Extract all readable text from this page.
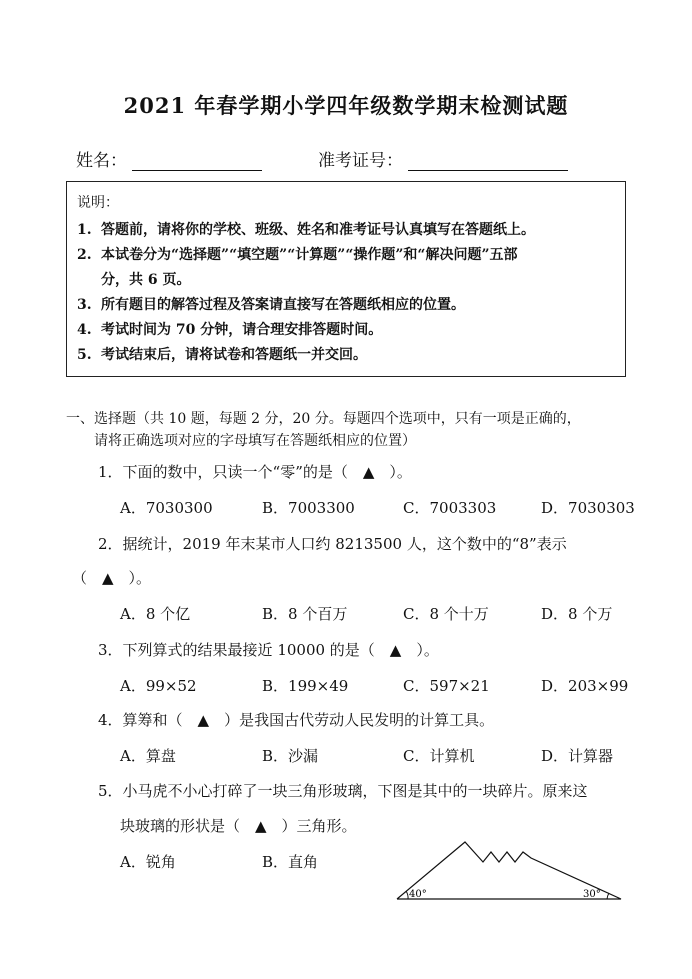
2021 年春学期小学四年级数学期末检测试题
姓名：	准考证号：
说明：
1. 答题前，请将你的学校、班级、姓名和准考证号认真填写在答题纸上。
2. 本试卷分为“选择题”“填空题”“计算题”“操作题”和“解决问题”五部
分，共 6 页。
3. 所有题目的解答过程及答案请直接写在答题纸相应的位置。
4. 考试时间为 70 分钟，请合理安排答题时间。
5. 考试结束后，请将试卷和答题纸一并交回。
一、选择题（共 10 题，每题 2 分，20 分。每题四个选项中，只有一项是正确的，
请将正确选项对应的字母填写在答题纸相应的位置）
1．下面的数中，只读一个“零”的是（　▲　）。
A．7030300	B．7003300	C．7003303	D．7030303
2．据统计，2019 年末某市人口约 8213500 人，这个数中的“8”表示
（　▲　）。
A．8 个亿	B．8 个百万	C．8 个十万	D．8 个万
3．下列算式的结果最接近 10000 的是（　▲　）。
A．99×52	B．199×49	C．597×21	D．203×99
4．算筹和（　▲　）是我国古代劳动人民发明的计算工具。
A．算盘	B．沙漏	C．计算机	D．计算器
5．小马虎不小心打碎了一块三角形玻璃，下图是其中的一块碎片。原来这
块玻璃的形状是（　▲　）三角形。
A．锐角	B．直角
40°	30°
